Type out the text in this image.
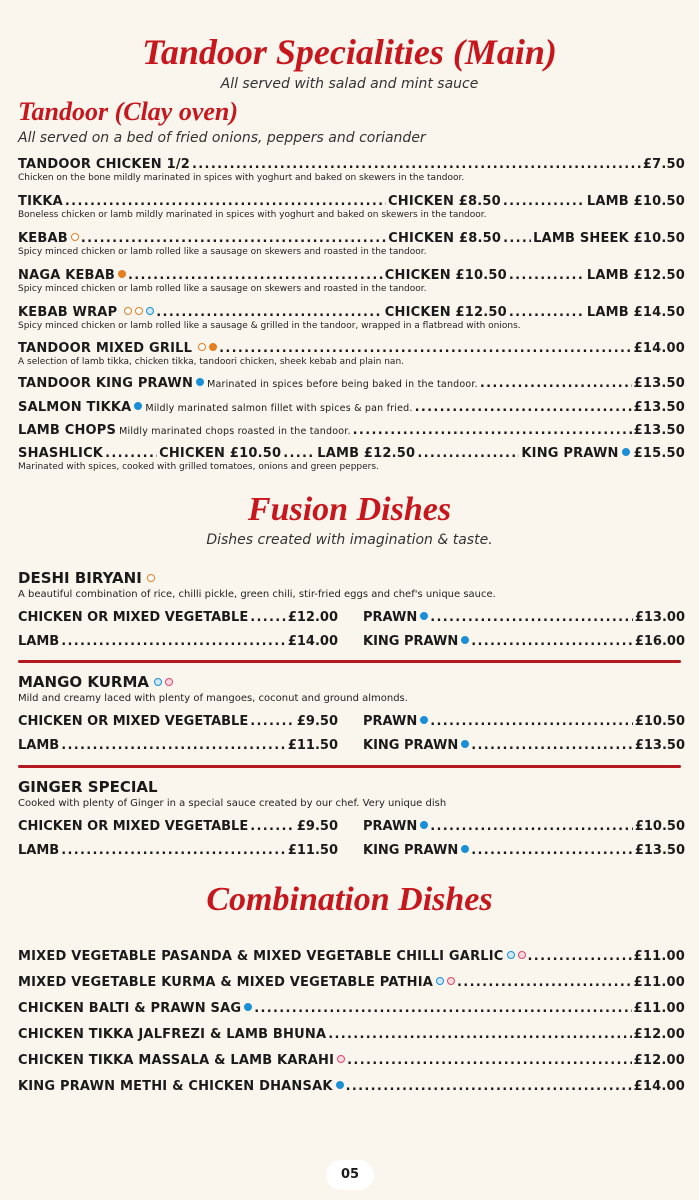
Tandoor Specialities (Main)
All served with salad and mint sauce
Tandoor (Clay oven)
All served on a bed of fried onions, peppers and coriander
TANDOOR CHICKEN 1/2 . . .	£7.50
Chicken on the bone mildly marinated in spices with yoghurt and baked on skewers in the tandoor.
TIKKA . . .	CHICKEN £8.50 . . .	LAMB £10.50
Boneless chicken or lamb mildly marinated in spices with yoghurt and baked on skewers in the tandoor.
KEBAB . . .	CHICKEN £8.50 . . . LAMB SHEEK £10.50
Spicy minced chicken or lamb rolled like a sausage on skewers and roasted in the tandoor.
NAGA KEBAB . . .	CHICKEN £10.50 . . .	LAMB £12.50
Spicy minced chicken or lamb rolled like a sausage on skewers and roasted in the tandoor.
KEBAB WRAP . . .	CHICKEN £12.50 . . .	LAMB £14.50
Spicy minced chicken or lamb rolled like a sausage & grilled in the tandoor, wrapped in a flatbread with onions.
TANDOOR MIXED GRILL . . .	£14.00
A selection of lamb tikka, chicken tikka, tandoori chicken, sheek kebab and plain nan.
TANDOOR KING PRAWN Marinated in spices before being baked in the tandoor. . . .	£13.50
SALMON TIKKA Mildly marinated salmon fillet with spices & pan fried. . . .	£13.50
LAMB CHOPS Mildly marinated chops roasted in the tandoor. . . .	£13.50
SHASHLICK . . .	CHICKEN £10.50 . . .	LAMB £12.50 . . .	KING PRAWN £15.50
Marinated with spices, cooked with grilled tomatoes, onions and green peppers.
Fusion Dishes
Dishes created with imagination & taste.
DESHI BIRYANI
A beautiful combination of rice, chilli pickle, green chili, stir-fried eggs and chef's unique sauce.
CHICKEN OR MIXED VEGETABLE . . .	£12.00 PRAWN . . .	£13.00
LAMB . . .	£14.00 KING PRAWN . . .	£16.00
MANGO KURMA
Mild and creamy laced with plenty of mangoes, coconut and ground almonds.
CHICKEN OR MIXED VEGETABLE . . .	£9.50 PRAWN . . .	£10.50
LAMB . . .	£11.50 KING PRAWN . . .	£13.50
GINGER SPECIAL
Cooked with plenty of Ginger in a special sauce created by our chef. Very unique dish
CHICKEN OR MIXED VEGETABLE . . .	£9.50 PRAWN . . .	£10.50
LAMB . . .	£11.50 KING PRAWN . . .	£13.50
Combination Dishes
MIXED VEGETABLE PASANDA & MIXED VEGETABLE CHILLI GARLIC . . .	£11.00
MIXED VEGETABLE KURMA & MIXED VEGETABLE PATHIA . . .	£11.00
CHICKEN BALTI & PRAWN SAG . . .	£11.00
CHICKEN TIKKA JALFREZI & LAMB BHUNA . . .	£12.00
CHICKEN TIKKA MASSALA & LAMB KARAHI . . .	£12.00
KING PRAWN METHI & CHICKEN DHANSAK . . .	£14.00
05
